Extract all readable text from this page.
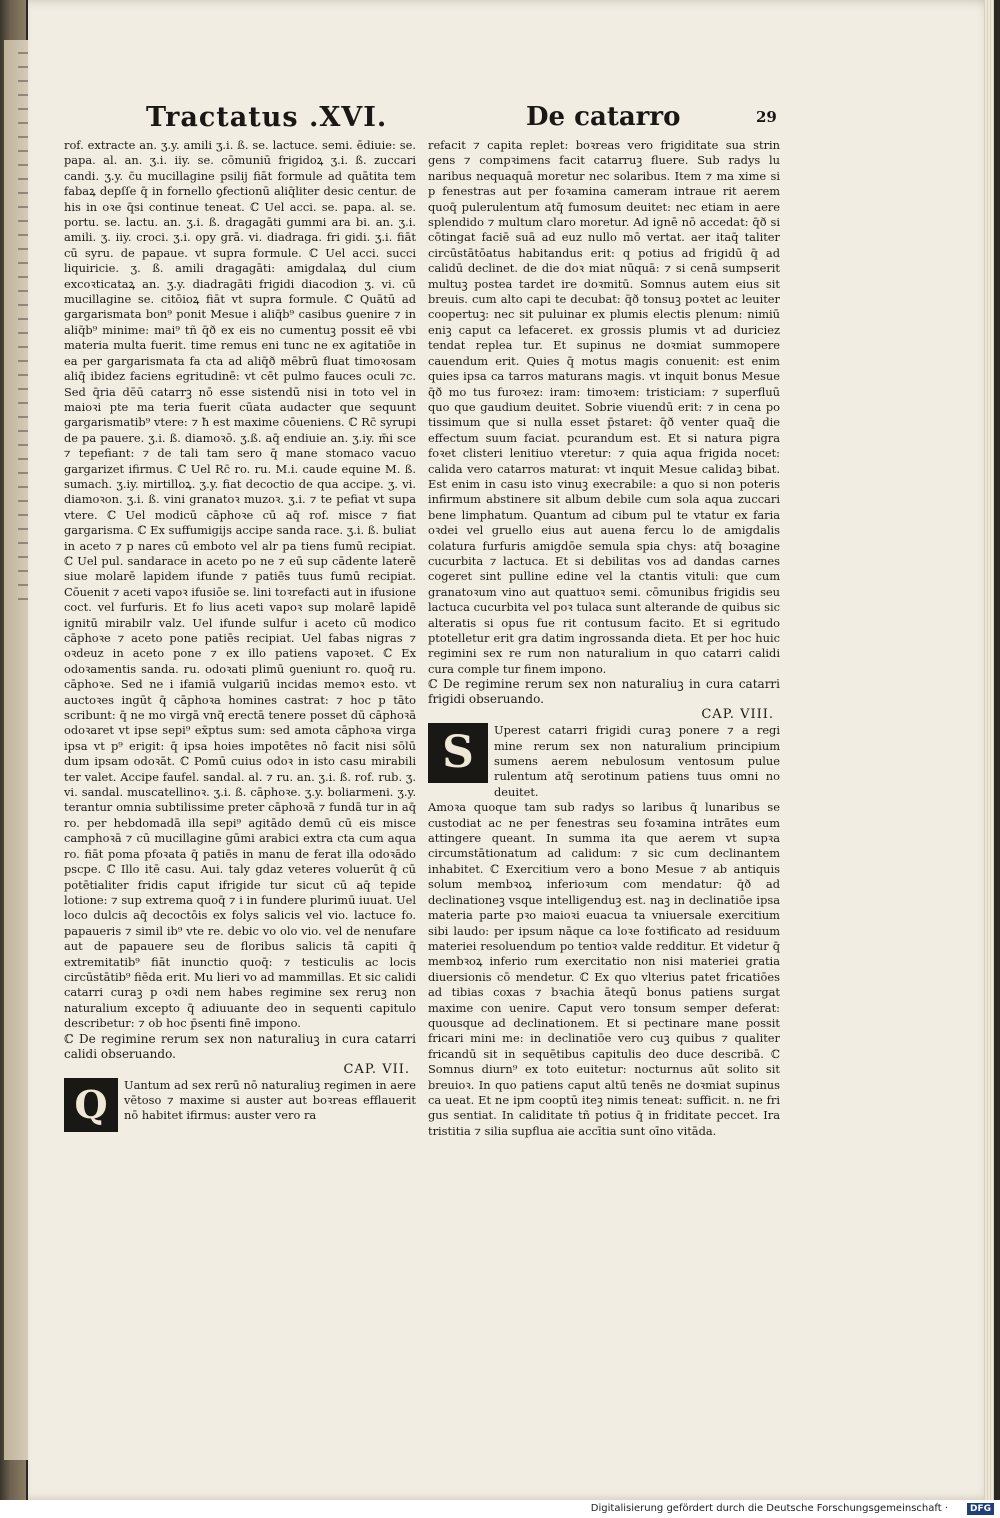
Tractatus .XVI.	De catarro	29

rof. extracte an. ʒ.y. amili ʒ.i. ß. se. lactuce. semi. ēdiuie: se. papa. al. an. ʒ.i. iiy. se. cōmuniū frigidoꝝ ʒ.i. ß. zuccari candi. ʒ.y. c̄u mucillagine psilij fiāt formule ad quātita tem fabaꝝ depſſe q̄ in fornello ꝯfectionū aliq̄liter desic centur. de his in oꝛe q̄si continue teneat. ℂ Uel acci. se. papa. al. se. portu. se. lactu. an. ʒ.i. ß. dragagāti gummi ara bi. an. ʒ.i. amili. ʒ. iiy. croci. ʒ.i. opy grā. vi. diadraga. fri gidi. ʒ.i. fiāt cū syru. de papaue. vt supra formule. ℂ Uel acci. succi liquiricie. ʒ. ß. amili dragagāti: amigdalaꝝ dul cium excoꝛticataꝝ an. ʒ.y. diadragāti frigidi diacodion ʒ. vi. cū mucillagine se. citōioꝝ fiāt vt supra formule. ℂ Quātū ad gargarismata bon⁹ ponit Mesue i aliq̄b⁹ casibus ꝯuenire ⁊ in aliq̄b⁹ minime: mai⁹ tñ q̄ð ex eis no cumentuꝫ possit eē vbi materia multa fuerit. time remus eni tunc ne ex agitatiōe in ea per gargarismata fa cta ad aliq̄ð mēbrū fluat timoꝛosam aliq̄ ibidez faciens egritudinē: vt cēt pulmo fauces oculi ⁊c. Sed q̄ria dēū catarrꝫ nō esse sistendū nisi in toto vel in maioꝛi pte ma teria fuerit cūata audacter que sequunt gargarismatib⁹ vtere: ⁊ ħ est maxime cōueniens. ℂ Rc̄ syrupi de pa pauere. ʒ.i. ß. diamoꝛō. ʒ.ß. aq̄ endiuie an. ʒ.iy. m̄i sce ⁊ tepefiant: ⁊ de tali tam sero q̄ mane stomaco vacuo gargarizet ifirmus. ℂ Uel Rc̄ ro. ru. M.i. caude equine M. ß. sumach. ʒ.iy. mirtilloꝝ. ʒ.y. fiat decoctio de qua accipe. ʒ. vi. diamoꝛon. ʒ.i. ß. vini granatoꝛ muzoꝛ. ʒ.i. ⁊ te pefiat vt supa vtere. ℂ Uel modicū cāphoꝛe cū aq̄ rof. misce ⁊ fiat gargarisma. ℂ Ex suffumigijs accipe sanda race. ʒ.i. ß. buliat in aceto ⁊ p nares cū emboto vel alr pa tiens fumū recipiat. ℂ Uel pul. sandarace in aceto po ne ⁊ eū sup cādente laterē siue molarē lapidem ifunde ⁊ patiēs tuus fumū recipiat. Cōuenit ⁊ aceti vapoꝛ ifusiōe se. lini toꝛrefacti aut in ifusione coct. vel furfuris. Et fo lius aceti vapoꝛ sup molarē lapidē ignitū mirabilr valz. Uel ifunde sulfur i aceto cū modico cāphoꝛe ⁊ aceto pone patiēs recipiat. Uel fabas nigras ⁊ oꝛdeuz in aceto pone ⁊ ex illo patiens vapoꝛet. ℂ Ex odoꝛamentis sanda. ru. odoꝛati plimū ꝯueniunt ro. quoq̄ ru. cāphoꝛe. Sed ne i ifamiā vulgariū incidas memoꝛ esto. vt auctoꝛes ingūt q̄ cāphoꝛa homines castrat: ⁊ hoc p tāto scribunt: q̄ ne mo virgā vnq̄ erectā tenere posset dū cāphoꝛā odoꝛaret vt ipse sepi⁹ ex̄ptus sum: sed amota cāphoꝛa virga ipsa vt p⁹ erigit: q̄ ipsa hoies impotētes nō facit nisi sōlū dum ipsam odoꝛāt. ℂ Pomū cuius odoꝛ in isto casu mirabili ter valet. Accipe faufel. sandal. al. ⁊ ru. an. ʒ.i. ß. rof. rub. ʒ. vi. sandal. muscatellinoꝛ. ʒ.i. ß. cāphoꝛe. ʒ.y. boliarmeni. ʒ.y. terantur omnia subtilissime preter cāphoꝛā ⁊ fundā tur in aq̄ ro. per hebdomadā illa sepi⁹ agitādo demū cū eis misce camphoꝛā ⁊ cū mucillagine gūmi arabici extra cta cum aqua ro. fiāt poma pfoꝛata q̄ patiēs in manu de ferat illa odoꝛādo pscpe. ℂ Illo itē casu. Aui. taly gdaz veteres voluerūt q̄ cū potētialiter fridis caput ifrigide tur sicut cū aq̄ tepide lotione: ⁊ sup extrema quoq̄ ⁊ i in fundere plurimū iuuat. Uel loco dulcis aq̄ decoctōis ex folys salicis vel vio. lactuce fo. papaueris ⁊ simil ib⁹ vte re. debic vo olo vio. vel de nenufare aut de papauere seu de floribus salicis tā capiti q̄ extremitatib⁹ fiāt inunctio quoq̄: ⁊ testiculis ac locis circūstātib⁹ fiēda erit. Mu lieri vo ad mammillas. Et sic calidi catarri curaꝫ p oꝛdi nem habes regimine sex reruꝫ non naturalium excepto q̄ adiuuante deo in sequenti capitulo describetur: ⁊ ob hoc p̄senti finē impono.

ℂ De regimine rerum sex non naturaliuꝫ in cura catarri calidi obseruando.

CAP. VII.
Q	Uantum ad sex rerū nō naturaliuꝫ regimen in aere vētoso ⁊ maxime si auster aut boꝛreas efflauerit nō habitet ifirmus: auster vero ra

refacit ⁊ capita replet: boꝛreas vero frigiditate sua strin gens ⁊ compꝛimens facit catarruꝫ fluere. Sub radys lu naribus nequaquā moretur nec solaribus. Item ⁊ ma xime si p fenestras aut per foꝛamina cameram intraue rit aerem quoq̄ pulerulentum atq̄ fumosum deuitet: nec etiam in aere splendido ⁊ multum claro moretur. Ad ignē nō accedat: q̄ð si cōtingat faciē suā ad euz nullo mō vertat. aer itaq̄ taliter circūstātōatus habitandus erit: q potius ad frigidū q̄ ad calidū declinet. de die doꝛ miat nūquā: ⁊ si cenā sumpserit multuꝫ postea tardet ire doꝛmitū. Somnus autem eius sit breuis. cum alto capi te decubat: q̄ð tonsuꝫ poꝛtet ac leuiter coopertuꝫ: nec sit puluinar ex plumis electis plenum: nimiū eniꝫ caput ca lefaceret. ex grossis plumis vt ad duriciez tendat replea tur. Et supinus ne doꝛmiat summopere cauendum erit. Quies q̄ motus magis conuenit: est enim quies ipsa ca tarros maturans magis. vt inquit bonus Mesue q̄ð mo tus furoꝛez: iram: timoꝛem: tristiciam: ⁊ superfluū quo que gaudium deuitet. Sobrie viuendū erit: ⁊ in cena po tissimum que si nulla esset p̄staret: q̄ð venter quaq̄ die effectum suum faciat. pcurandum est. Et si natura pigra foꝛet clisteri lenitiuo vteretur: ⁊ quia aqua frigida nocet: calida vero catarros maturat: vt inquit Mesue calidaꝫ bibat. Est enim in casu isto vinuꝫ execrabile: a quo si non poteris infirmum abstinere sit album debile cum sola aqua zuccari bene limphatum. Quantum ad cibum pul te vtatur ex faria oꝛdei vel gruello eius aut auena fercu lo de amigdalis colatura furfuris amigdōe semula spia chys: atq̄ boꝛagine cucurbita ⁊ lactuca. Et si debilitas vos ad dandas carnes cogeret sint pulline edine vel la ctantis vituli: que cum granatoꝛum vino aut quattuoꝛ semi. cōmunibus frigidis seu lactuca cucurbita vel poꝛ tulaca sunt alterande de quibus sic alteratis si opus fue rit contusum facito. Et si egritudo ptotelletur erit gra datim ingrossanda dieta. Et per hoc huic regimini sex re rum non naturalium in quo catarri calidi cura comple tur finem impono.

ℂ De regimine rerum sex non naturaliuꝫ in cura catarri frigidi obseruando.

CAP. VIII.
S	Uperest catarri frigidi curaꝫ ponere ⁊ a regi mine rerum sex non naturalium principium sumens aerem nebulosum ventosum pulue rulentum atq̄ serotinum patiens tuus omni no deuitet.

Amoꝛa quoque tam sub radys so laribus q̄ lunaribus se custodiat ac ne per fenestras seu foꝛamina intrātes eum attingere queant. In summa ita que aerem vt supꝛa circumstātionatum ad calidum: ⁊ sic cum declinantem inhabitet. ℂ Exercitium vero a bono Mesue ⁊ ab antiquis solum membꝛoꝝ inferioꝛum com mendatur: q̄ð ad declinationeꝫ vsque intelligenduꝫ est. naꝫ in declinatiōe ipsa materia parte pꝛo maioꝛi euacua ta vniuersale exercitium sibi laudo: per ipsum nāque ca loꝛe foꝛtificato ad residuum materiei resoluendum po tentioꝛ valde redditur. Et videtur q̄ membꝛoꝝ inferio rum exercitatio non nisi materiei gratia diuersionis cō mendetur. ℂ Ex quo vlterius patet fricatiōes ad tibias coxas ⁊ bꝛachia āteqū bonus patiens surgat maxime con uenire. Caput vero tonsum semper deferat: quousque ad declinationem. Et si pectinare mane possit fricari mini me: in declinatiōe vero cuꝫ quibus ⁊ qualiter fricandū sit in sequētibus capitulis deo duce describā. ℂ Somnus diurn⁹ ex toto euitetur: nocturnus aūt solito sit breuioꝛ. In quo patiens caput altū tenēs ne doꝛmiat supinus ca ueat. Et ne ipm cooptū iteꝫ nimis teneat: sufficit. n. ne fri gus sentiat. In caliditate tñ potius q̄ in friditate peccet. Ira tristitia ⁊ silia supflua aie accītia sunt oīno vitāda.

Digitalisierung gefördert durch die Deutsche Forschungsgemeinschaft ·	DFG
